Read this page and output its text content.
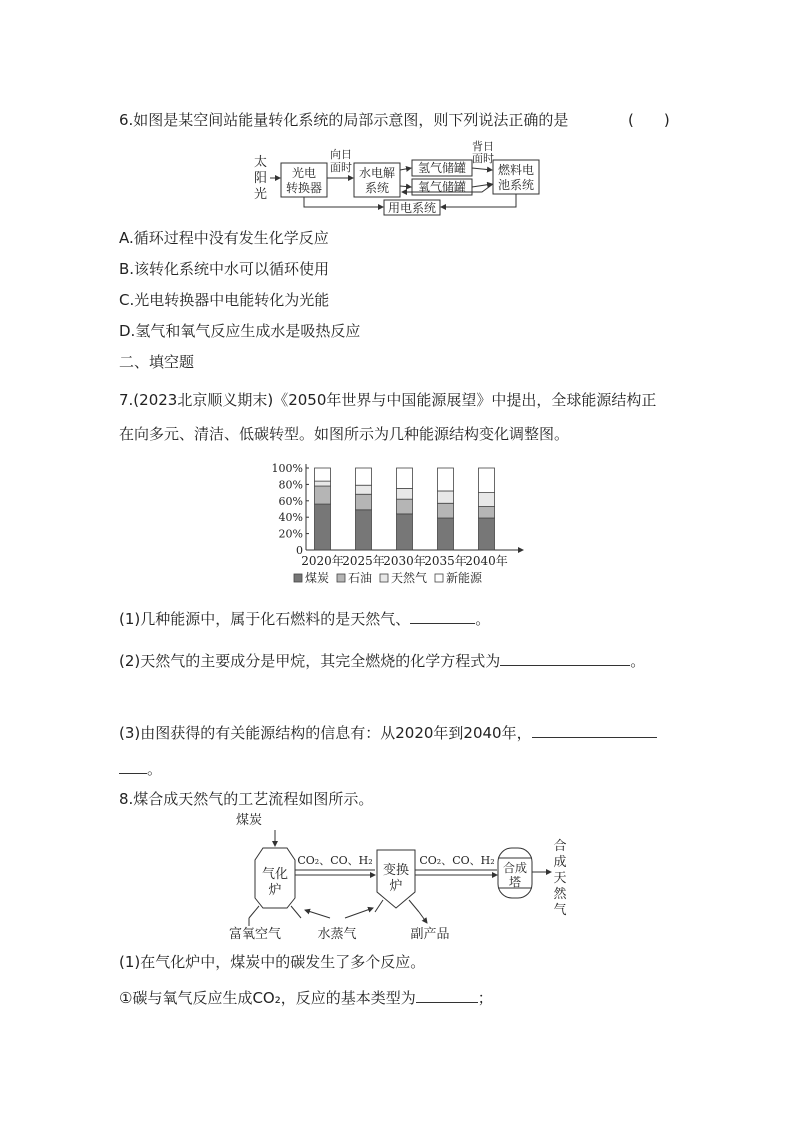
6.如图是某空间站能量转化系统的局部示意图，则下列说法正确的是	(　　)
太
阳
光
光电
转换器
向日
面时 水电解
系统
氢气储罐
氧气储罐
背日
面时
燃料电
池系统
用电系统
A.循环过程中没有发生化学反应
B.该转化系统中水可以循环使用
C.光电转换器中电能转化为光能
D.氢气和氧气反应生成水是吸热反应
二、填空题
7.(2023北京顺义期末)《2050年世界与中国能源展望》中提出，全球能源结构正
在向多元、清洁、低碳转型。如图所示为几种能源结构变化调整图。
0
20%
40%
60%
80%
100%
2020年
2025年
2030年
2035年
2040年
煤炭 石油 天然气 新能源
(1)几种能源中，属于化石燃料的是天然气、	。
(2)天然气的主要成分是甲烷，其完全燃烧的化学方程式为	。
(3)由图获得的有关能源结构的信息有：从2020年到2040年，
。
8.煤合成天然气的工艺流程如图所示。
煤炭
气化
炉
CO₂、CO、H₂
变换
炉
CO₂、CO、H₂
合成
塔
合
成
天
然
气
富氧空气	水蒸气	副产品
(1)在气化炉中，煤炭中的碳发生了多个反应。
①碳与氧气反应生成CO₂，反应的基本类型为	；
